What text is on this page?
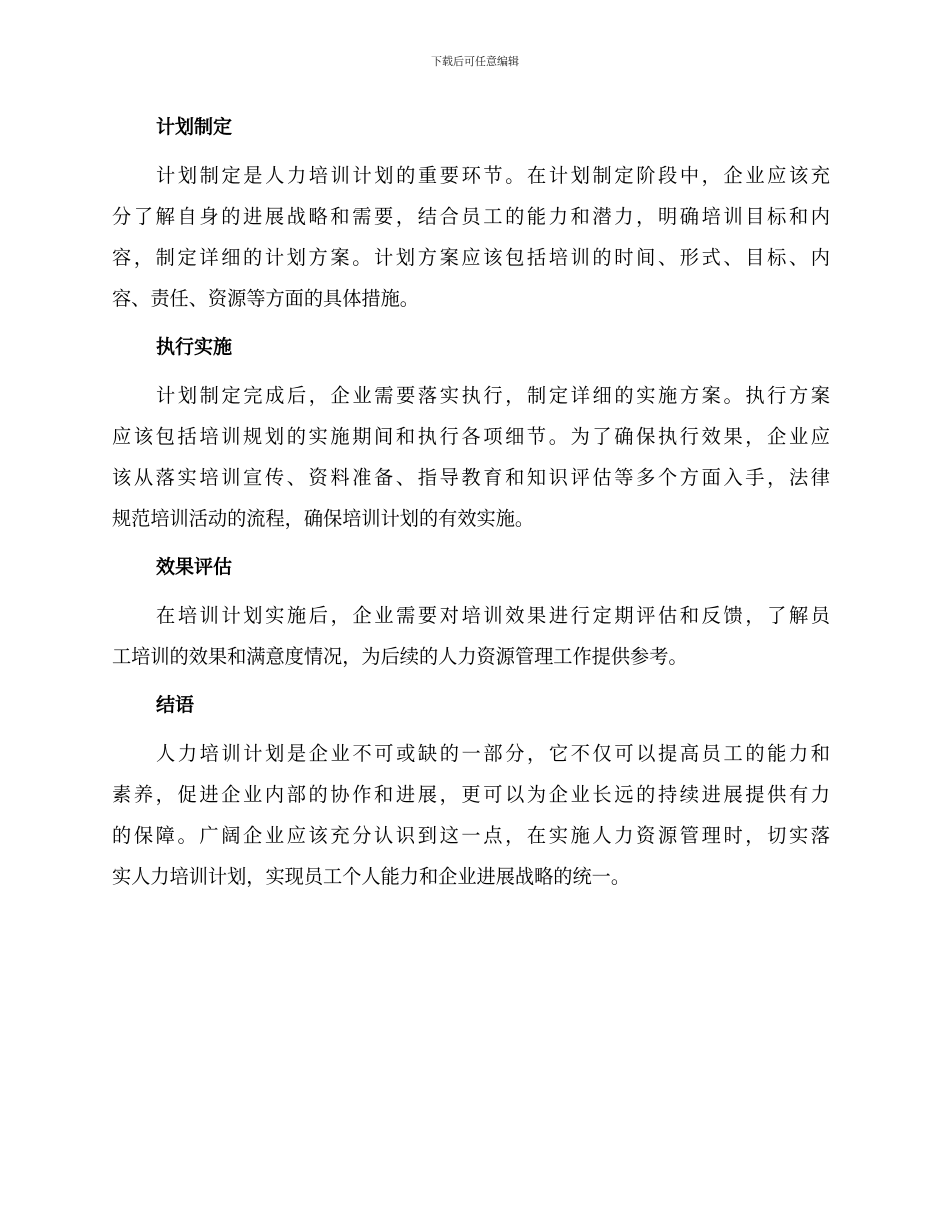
下载后可任意编辑
计划制定
计划制定是人力培训计划的重要环节。在计划制定阶段中，企业应该充
分了解自身的进展战略和需要，结合员工的能力和潜力，明确培训目标和内
容，制定详细的计划方案。计划方案应该包括培训的时间、形式、目标、内
容、责任、资源等方面的具体措施。
执行实施
计划制定完成后，企业需要落实执行，制定详细的实施方案。执行方案
应该包括培训规划的实施期间和执行各项细节。为了确保执行效果，企业应
该从落实培训宣传、资料准备、指导教育和知识评估等多个方面入手，法律
规范培训活动的流程，确保培训计划的有效实施。
效果评估
在培训计划实施后，企业需要对培训效果进行定期评估和反馈，了解员
工培训的效果和满意度情况，为后续的人力资源管理工作提供参考。
结语
人力培训计划是企业不可或缺的一部分，它不仅可以提高员工的能力和
素养，促进企业内部的协作和进展，更可以为企业长远的持续进展提供有力
的保障。广阔企业应该充分认识到这一点，在实施人力资源管理时，切实落
实人力培训计划，实现员工个人能力和企业进展战略的统一。
